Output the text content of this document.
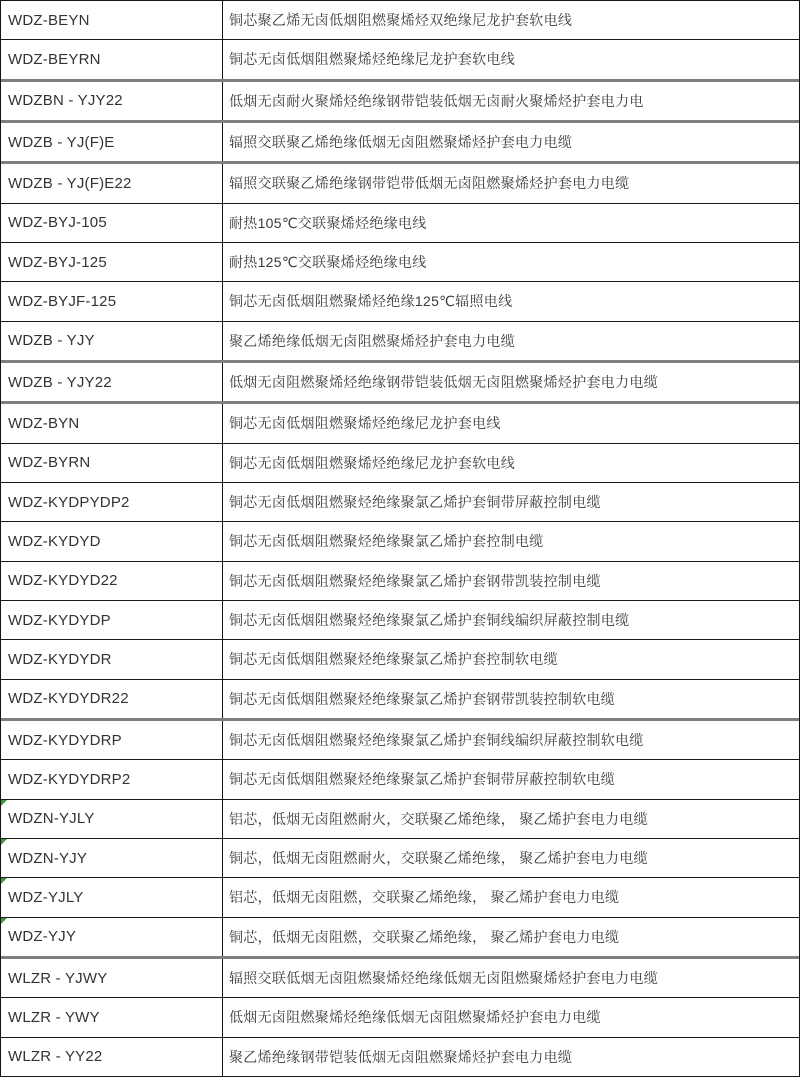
WDZ-BEYN	铜芯聚乙烯无卤低烟阻燃聚烯烃双绝缘尼龙护套软电线
WDZ-BEYRN	铜芯无卤低烟阻燃聚烯烃绝缘尼龙护套软电线
WDZBN - YJY22	低烟无卤耐火聚烯烃绝缘钢带铠装低烟无卤耐火聚烯烃护套电力电
WDZB - YJ(F)E	辐照交联聚乙烯绝缘低烟无卤阻燃聚烯烃护套电力电缆
WDZB - YJ(F)E22	辐照交联聚乙烯绝缘钢带铠带低烟无卤阻燃聚烯烃护套电力电缆
WDZ-BYJ-105	耐热105℃交联聚烯烃绝缘电线
WDZ-BYJ-125	耐热125℃交联聚烯烃绝缘电线
WDZ-BYJF-125	铜芯无卤低烟阻燃聚烯烃绝缘125℃辐照电线
WDZB - YJY	聚乙烯绝缘低烟无卤阻燃聚烯烃护套电力电缆
WDZB - YJY22	低烟无卤阻燃聚烯烃绝缘钢带铠装低烟无卤阻燃聚烯烃护套电力电缆
WDZ-BYN	铜芯无卤低烟阻燃聚烯烃绝缘尼龙护套电线
WDZ-BYRN	铜芯无卤低烟阻燃聚烯烃绝缘尼龙护套软电线
WDZ-KYDPYDP2	铜芯无卤低烟阻燃聚烃绝缘聚氯乙烯护套铜带屏蔽控制电缆
WDZ-KYDYD	铜芯无卤低烟阻燃聚烃绝缘聚氯乙烯护套控制电缆
WDZ-KYDYD22	铜芯无卤低烟阻燃聚烃绝缘聚氯乙烯护套钢带凯装控制电缆
WDZ-KYDYDP	铜芯无卤低烟阻燃聚烃绝缘聚氯乙烯护套铜线编织屏蔽控制电缆
WDZ-KYDYDR	铜芯无卤低烟阻燃聚烃绝缘聚氯乙烯护套控制软电缆
WDZ-KYDYDR22	铜芯无卤低烟阻燃聚烃绝缘聚氯乙烯护套钢带凯装控制软电缆
WDZ-KYDYDRP	铜芯无卤低烟阻燃聚烃绝缘聚氯乙烯护套铜线编织屏蔽控制软电缆
WDZ-KYDYDRP2	铜芯无卤低烟阻燃聚烃绝缘聚氯乙烯护套铜带屏蔽控制软电缆
WDZN-YJLY	铝芯，低烟无卤阻燃耐火，交联聚乙烯绝缘， 聚乙烯护套电力电缆
WDZN-YJY	铜芯，低烟无卤阻燃耐火，交联聚乙烯绝缘， 聚乙烯护套电力电缆
WDZ-YJLY	铝芯，低烟无卤阻燃，交联聚乙烯绝缘， 聚乙烯护套电力电缆
WDZ-YJY	铜芯，低烟无卤阻燃，交联聚乙烯绝缘， 聚乙烯护套电力电缆
WLZR - YJWY	辐照交联低烟无卤阻燃聚烯烃绝缘低烟无卤阻燃聚烯烃护套电力电缆
WLZR - YWY	低烟无卤阻燃聚烯烃绝缘低烟无卤阻燃聚烯烃护套电力电缆
WLZR - YY22	聚乙烯绝缘钢带铠装低烟无卤阻燃聚烯烃护套电力电缆
